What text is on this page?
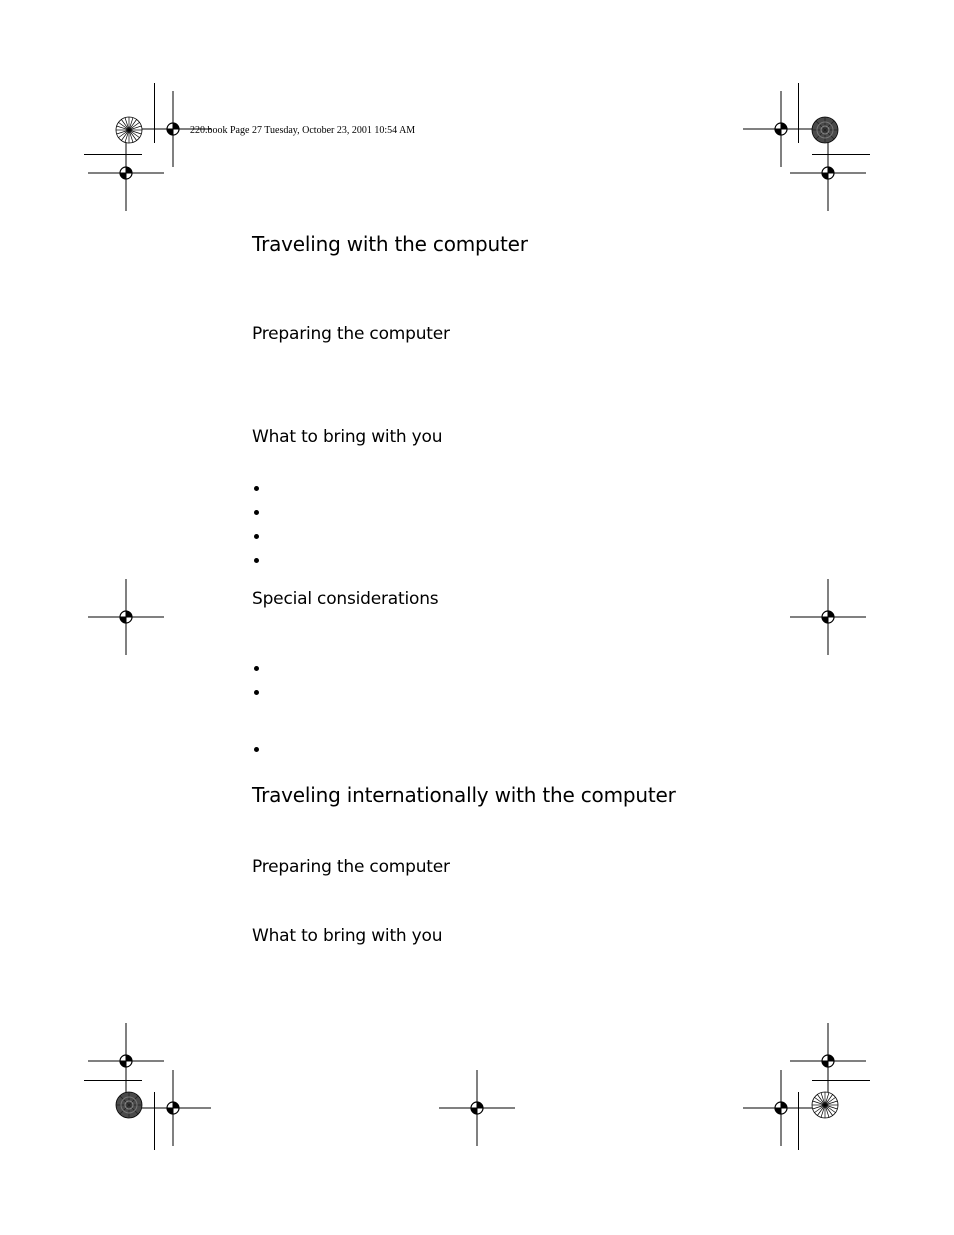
220.book Page 27 Tuesday, October 23, 2001 10:54 AM
Traveling with the computer
Preparing the computer
What to bring with you
Special considerations
Traveling internationally with the computer
Preparing the computer
What to bring with you
